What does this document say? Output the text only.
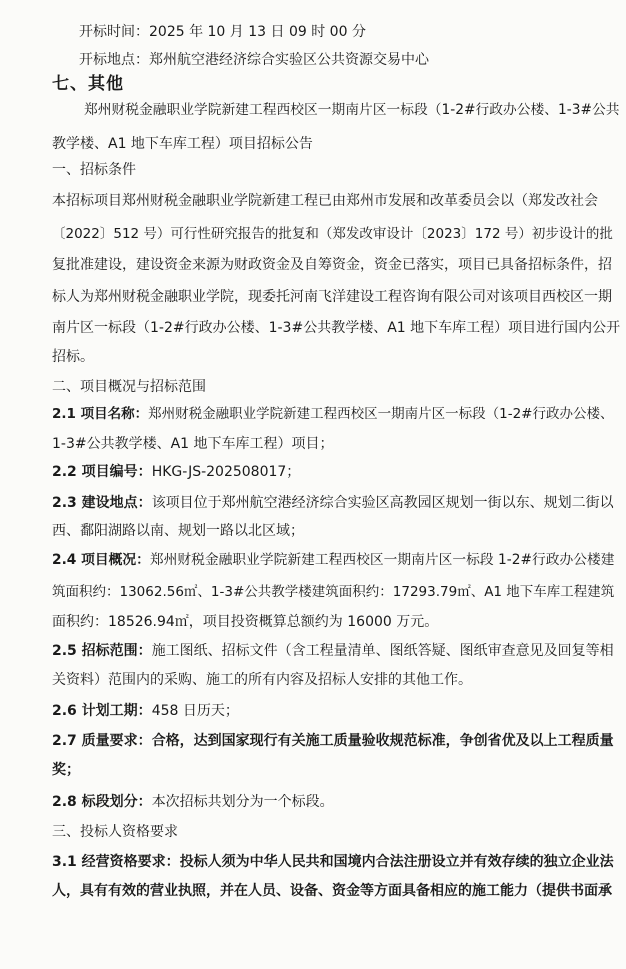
开标时间：2025 年 10 月 13 日 09 时 00 分
开标地点：郑州航空港经济综合实验区公共资源交易中心
七、其他
郑州财税金融职业学院新建工程西校区一期南片区一标段（1-2#行政办公楼、1-3#公共
教学楼、A1 地下车库工程）项目招标公告
一、招标条件
本招标项目郑州财税金融职业学院新建工程已由郑州市发展和改革委员会以（郑发改社会
〔2022〕512 号）可行性研究报告的批复和（郑发改审设计〔2023〕172 号）初步设计的批
复批准建设，建设资金来源为财政资金及自筹资金，资金已落实，项目已具备招标条件，招
标人为郑州财税金融职业学院，现委托河南飞洋建设工程咨询有限公司对该项目西校区一期
南片区一标段（1-2#行政办公楼、1-3#公共教学楼、A1 地下车库工程）项目进行国内公开
招标。
二、项目概况与招标范围
2.1 项目名称：郑州财税金融职业学院新建工程西校区一期南片区一标段（1-2#行政办公楼、
1-3#公共教学楼、A1 地下车库工程）项目；
2.2 项目编号：HKG-JS-202508017；
2.3 建设地点：该项目位于郑州航空港经济综合实验区高教园区规划一街以东、规划二街以
西、鄱阳湖路以南、规划一路以北区域；
2.4 项目概况：郑州财税金融职业学院新建工程西校区一期南片区一标段 1-2#行政办公楼建
筑面积约：13062.56㎡、1-3#公共教学楼建筑面积约：17293.79㎡、A1 地下车库工程建筑
面积约：18526.94㎡，项目投资概算总额约为 16000 万元。
2.5 招标范围：施工图纸、招标文件（含工程量清单、图纸答疑、图纸审查意见及回复等相
关资料）范围内的采购、施工的所有内容及招标人安排的其他工作。
2.6 计划工期：458 日历天；
2.7 质量要求：合格，达到国家现行有关施工质量验收规范标准，争创省优及以上工程质量
奖；
2.8 标段划分：本次招标共划分为一个标段。
三、投标人资格要求
3.1 经营资格要求：投标人须为中华人民共和国境内合法注册设立并有效存续的独立企业法
人，具有有效的营业执照，并在人员、设备、资金等方面具备相应的施工能力（提供书面承
